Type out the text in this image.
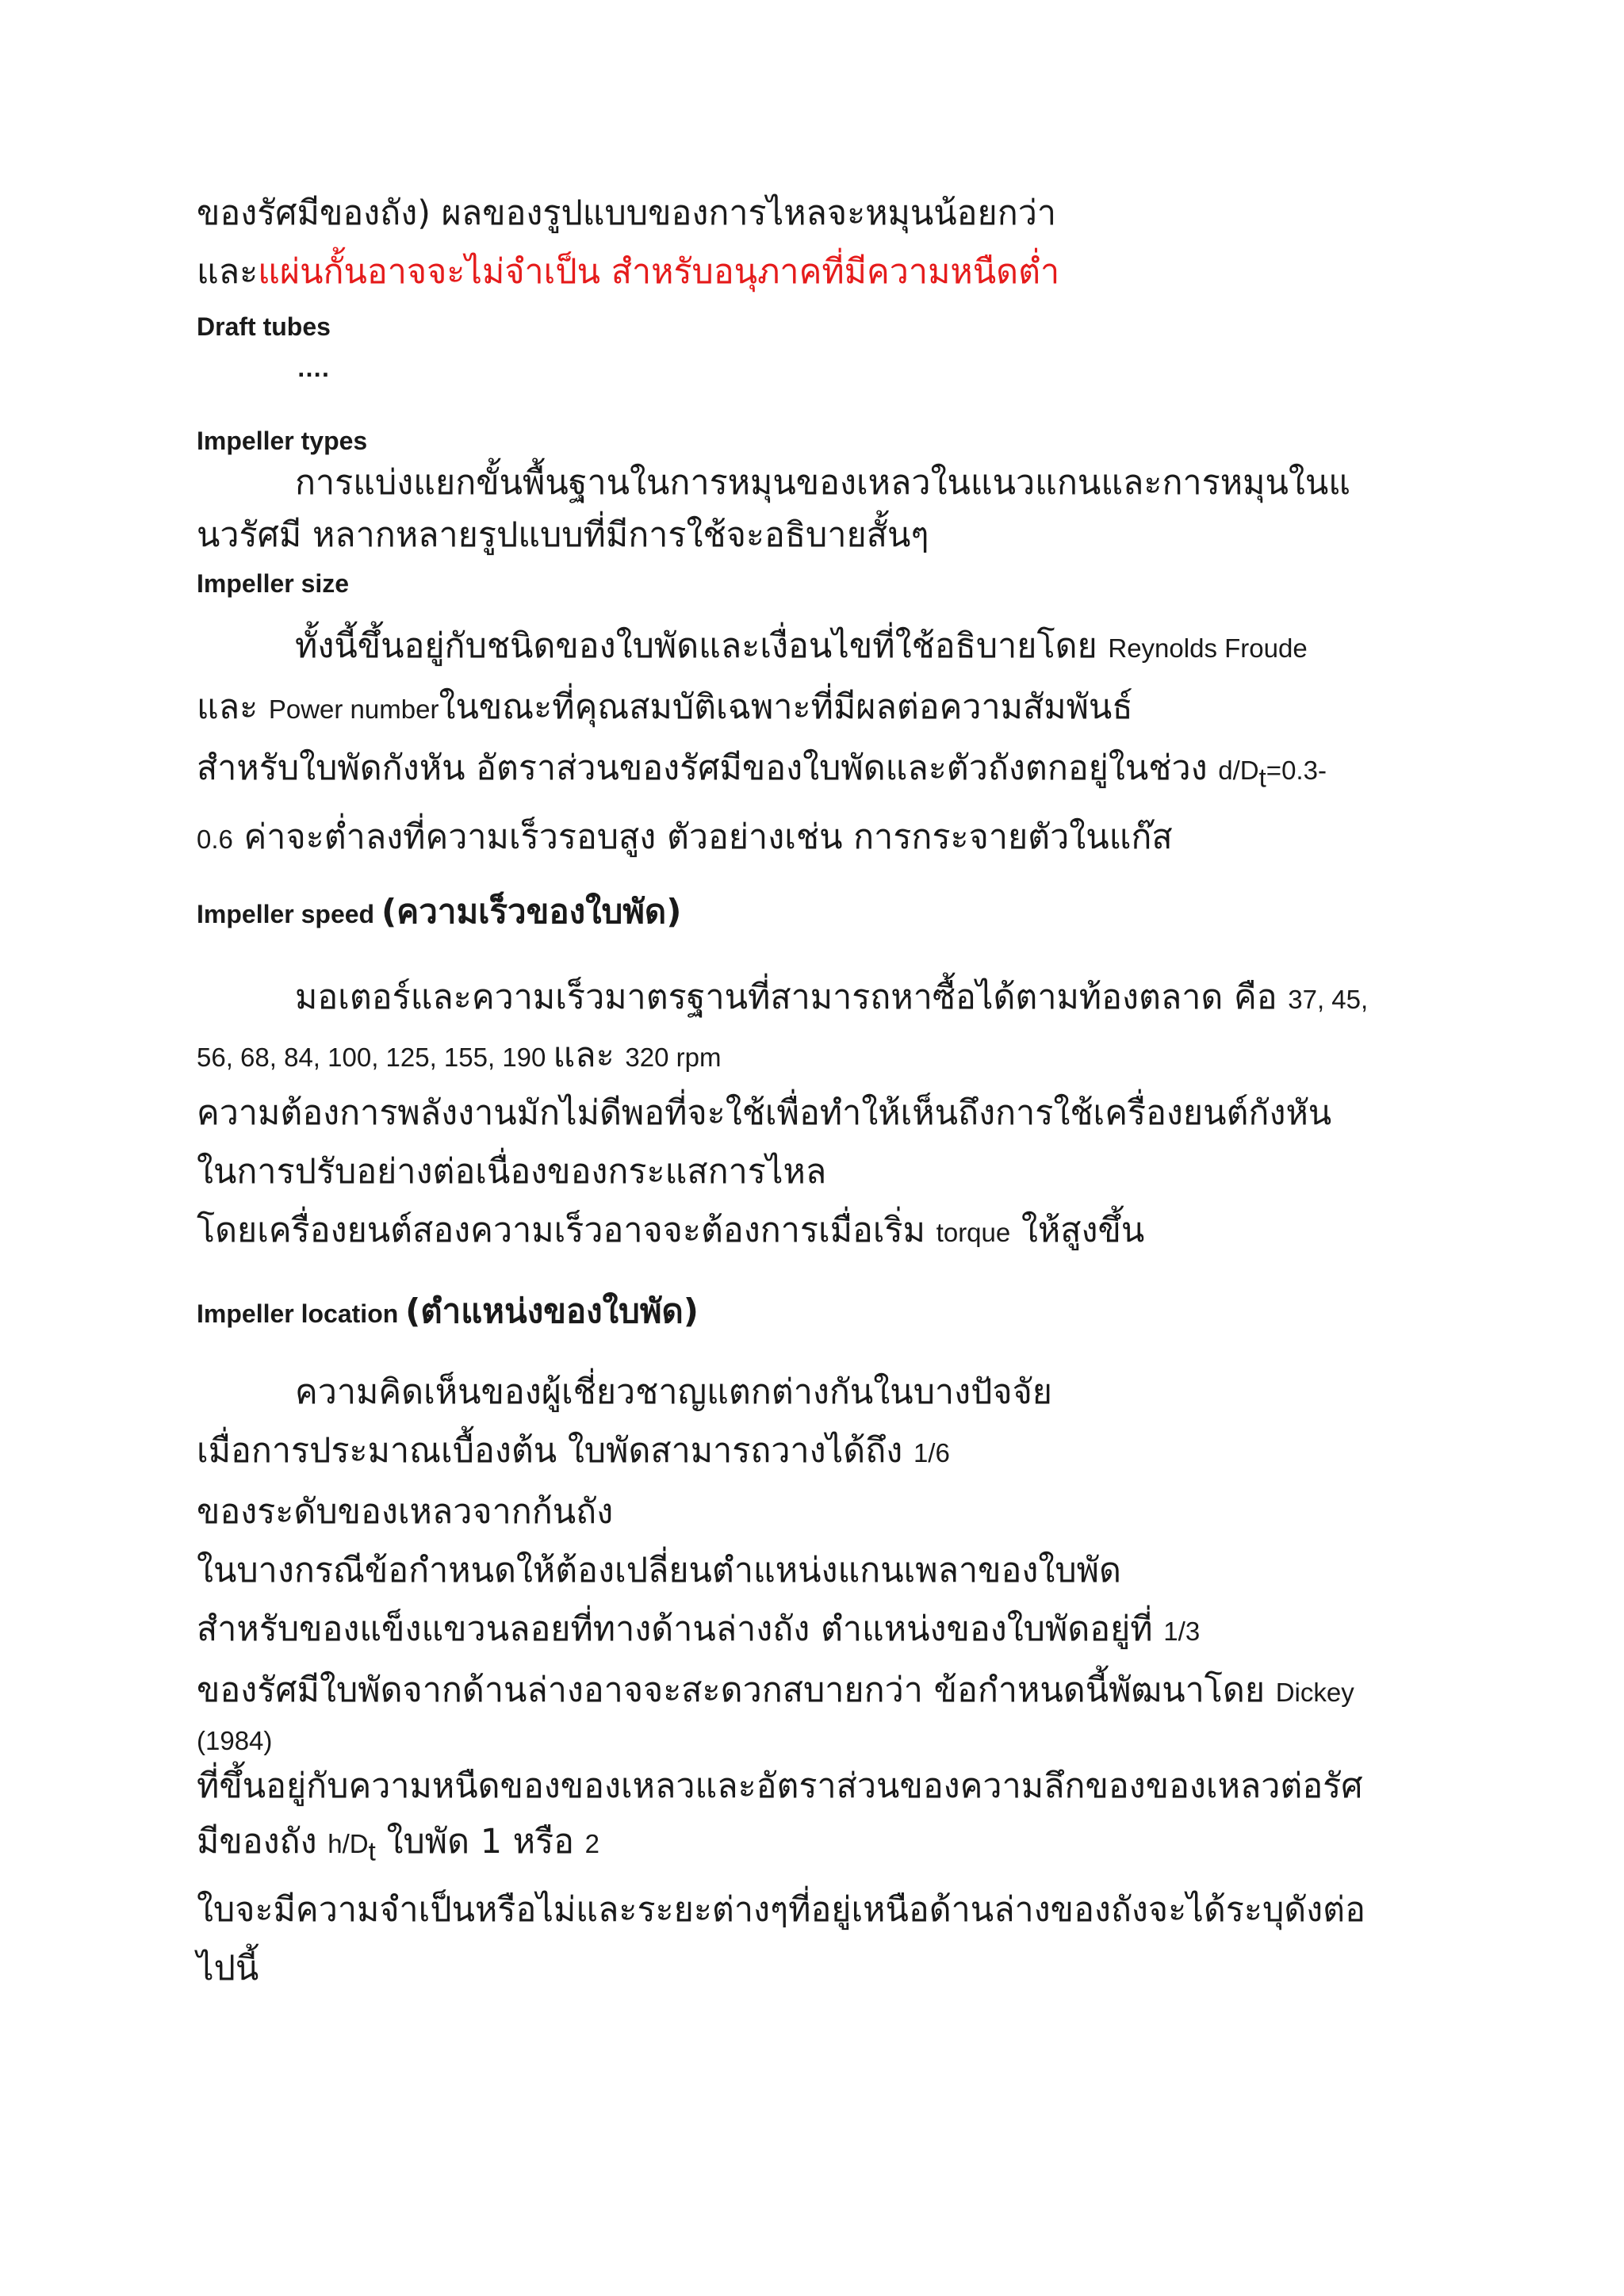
ของรัศมีของถัง) ผลของรูปแบบของการไหลจะหมุนน้อยกว่า

และแผ่นกั้นอาจจะไม่จำเป็น สำหรับอนุภาคที่มีความหนืดต่ำ

Draft tubes

….

Impeller types

การแบ่งแยกขั้นพื้นฐานในการหมุนของเหลวในแนวแกนและการหมุนในแ

นวรัศมี หลากหลายรูปแบบที่มีการใช้จะอธิบายสั้นๆ

Impeller size

ทั้งนี้ขึ้นอยู่กับชนิดของใบพัดและเงื่อนไขที่ใช้อธิบายโดย Reynolds Froude

และ Power numberในขณะที่คุณสมบัติเฉพาะที่มีผลต่อความสัมพันธ์

สำหรับใบพัดกังหัน อัตราส่วนของรัศมีของใบพัดและตัวถังตกอยู่ในช่วง $d/D_t=0.3-$

0.6 ค่าจะต่ำลงที่ความเร็วรอบสูง ตัวอย่างเช่น การกระจายตัวในแก๊ส

Impeller speed (ความเร็วของใบพัด)

มอเตอร์และความเร็วมาตรฐานที่สามารถหาซื้อได้ตามท้องตลาด คือ 37, 45,

56, 68, 84, 100, 125, 155, 190 และ 320 rpm

ความต้องการพลังงานมักไม่ดีพอที่จะใช้เพื่อทำให้เห็นถึงการใช้เครื่องยนต์กังหัน

ในการปรับอย่างต่อเนื่องของกระแสการไหล

โดยเครื่องยนต์สองความเร็วอาจจะต้องการเมื่อเริ่ม torque ให้สูงขึ้น

Impeller location (ตำแหน่งของใบพัด)

ความคิดเห็นของผู้เชี่ยวชาญแตกต่างกันในบางปัจจัย

เมื่อการประมาณเบื้องต้น ใบพัดสามารถวางได้ถึง 1/6

ของระดับของเหลวจากก้นถัง

ในบางกรณีข้อกำหนดให้ต้องเปลี่ยนตำแหน่งแกนเพลาของใบพัด

สำหรับของแข็งแขวนลอยที่ทางด้านล่างถัง ตำแหน่งของใบพัดอยู่ที่ 1/3

ของรัศมีใบพัดจากด้านล่างอาจจะสะดวกสบายกว่า ข้อกำหนดนี้พัฒนาโดย Dickey

(1984)

ที่ขึ้นอยู่กับความหนืดของของเหลวและอัตราส่วนของความลึกของของเหลวต่อรัศ

มีของถัง $h/D_t$ ใบพัด 1 หรือ 2

ใบจะมีความจำเป็นหรือไม่และระยะต่างๆที่อยู่เหนือด้านล่างของถังจะได้ระบุดังต่อ

ไปนี้
